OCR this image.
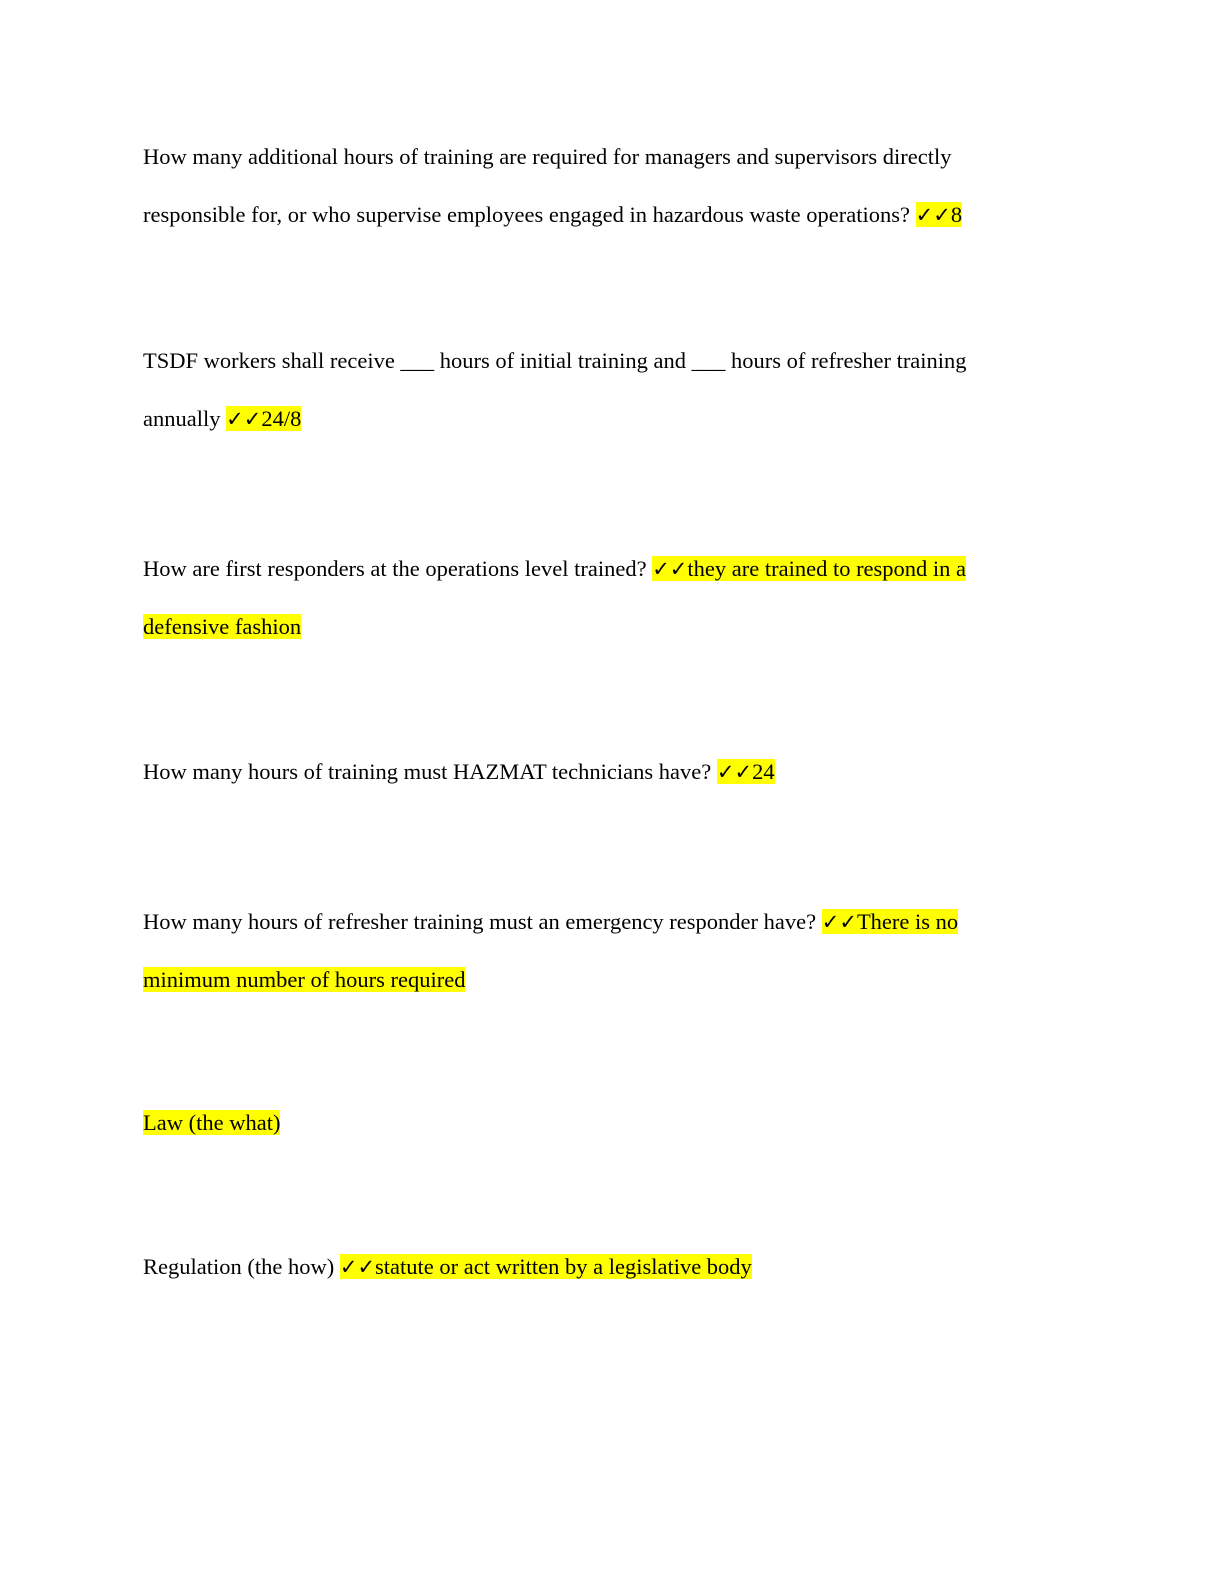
How many additional hours of training are required for managers and supervisors directly responsible for, or who supervise employees engaged in hazardous waste operations? ✓✓8

TSDF workers shall receive ___ hours of initial training and ___ hours of refresher training annually ✓✓24/8

How are first responders at the operations level trained? ✓✓they are trained to respond in a defensive fashion

How many hours of training must HAZMAT technicians have? ✓✓24

How many hours of refresher training must an emergency responder have? ✓✓There is no minimum number of hours required

Law (the what)

Regulation (the how) ✓✓statute or act written by a legislative body
